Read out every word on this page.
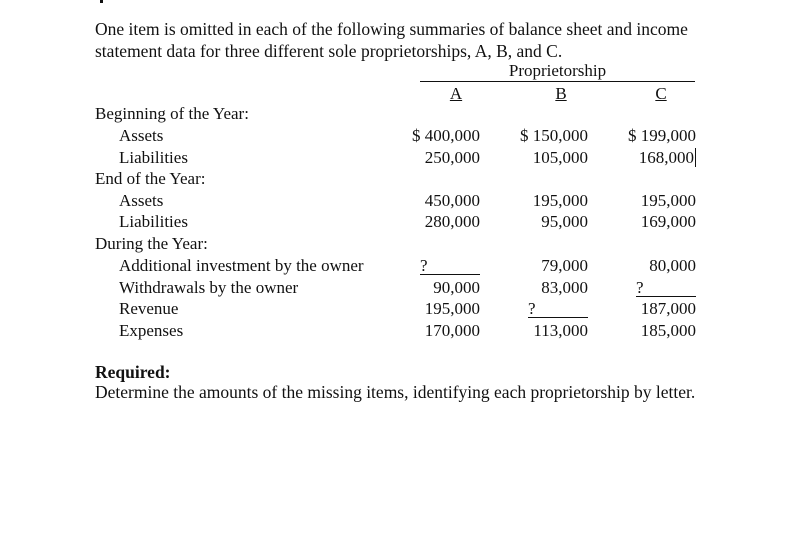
One item is omitted in each of the following summaries of balance sheet and income statement data for three different sole proprietorships, A, B, and C.
Proprietorship
A	B	C
Beginning of the Year:
Assets	$ 400,000	$ 150,000	$ 199,000
Liabilities	250,000	105,000	168,000
End of the Year:
Assets	450,000	195,000	195,000
Liabilities	280,000	95,000	169,000
During the Year:
Additional investment by the owner	?	79,000	80,000
Withdrawals by the owner	90,000	83,000	?
Revenue	195,000	?	187,000
Expenses	170,000	113,000	185,000
Required:
Determine the amounts of the missing items, identifying each proprietorship by letter.
